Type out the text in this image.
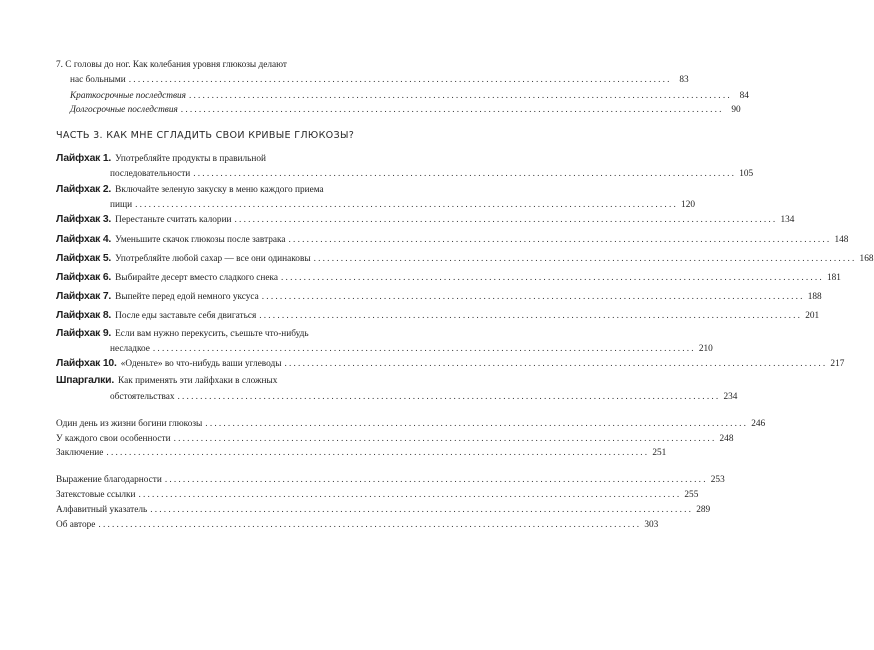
7. С головы до ног. Как колебания уровня глюкозы делают
нас больными ........................................................................................................................ 83
Краткосрочные последствия ........................................................................................................................ 84
Долгосрочные последствия ........................................................................................................................ 90
ЧАСТЬ 3. КАК МНЕ СГЛАДИТЬ СВОИ КРИВЫЕ ГЛЮКОЗЫ?
Лайфхак 1. Употребляйте продукты в правильной
последовательности ........................................................................................................................ 105
Лайфхак 2. Включайте зеленую закуску в меню каждого приема
пищи ........................................................................................................................ 120
Лайфхак 3. Перестаньте считать калории ........................................................................................................................ 134
Лайфхак 4. Уменьшите скачок глюкозы после завтрака ........................................................................................................................ 148
Лайфхак 5. Употребляйте любой сахар — все они одинаковы ........................................................................................................................ 168
Лайфхак 6. Выбирайте десерт вместо сладкого снека ........................................................................................................................ 181
Лайфхак 7. Выпейте перед едой немного уксуса ........................................................................................................................ 188
Лайфхак 8. После еды заставьте себя двигаться ........................................................................................................................ 201
Лайфхак 9. Если вам нужно перекусить, съешьте что-нибудь
несладкое ........................................................................................................................ 210
Лайфхак 10. «Оденьте» во что-нибудь ваши углеводы ........................................................................................................................ 217
Шпаргалки. Как применять эти лайфхаки в сложных
обстоятельствах ........................................................................................................................ 234
Один день из жизни богини глюкозы ........................................................................................................................ 246
У каждого свои особенности ........................................................................................................................ 248
Заключение ........................................................................................................................ 251
Выражение благодарности ........................................................................................................................ 253
Затекстовые ссылки ........................................................................................................................ 255
Алфавитный указатель ........................................................................................................................ 289
Об авторе ........................................................................................................................ 303
